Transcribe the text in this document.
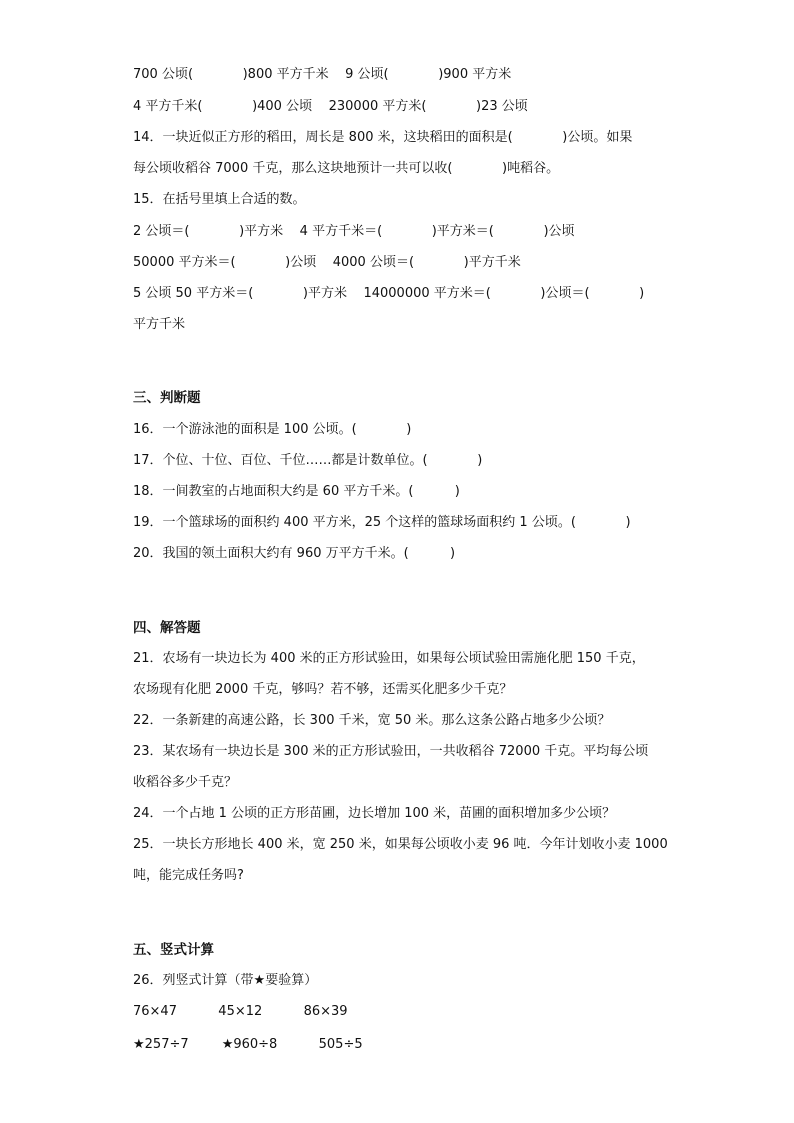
700 公顷(            )800 平方千米    9 公顷(            )900 平方米
4 平方千米(            )400 公顷    230000 平方米(            )23 公顷
14．一块近似正方形的稻田，周长是 800 米，这块稻田的面积是(            )公顷。如果
每公顷收稻谷 7000 千克，那么这块地预计一共可以收(            )吨稻谷。
15．在括号里填上合适的数。
2 公顷＝(            )平方米    4 平方千米＝(            )平方米＝(            )公顷
50000 平方米＝(            )公顷    4000 公顷＝(            )平方千米
5 公顷 50 平方米＝(            )平方米    14000000 平方米＝(            )公顷＝(            )
平方千米
三、判断题
16．一个游泳池的面积是 100 公顷。(            )
17．个位、十位、百位、千位……都是计数单位。(            )
18．一间教室的占地面积大约是 60 平方千米。(          )
19．一个篮球场的面积约 400 平方米，25 个这样的篮球场面积约 1 公顷。(            )
20．我国的领土面积大约有 960 万平方千米。(          )
四、解答题
21．农场有一块边长为 400 米的正方形试验田，如果每公顷试验田需施化肥 150 千克，
农场现有化肥 2000 千克，够吗？若不够，还需买化肥多少千克？
22．一条新建的高速公路，长 300 千米，宽 50 米。那么这条公路占地多少公顷？
23．某农场有一块边长是 300 米的正方形试验田，一共收稻谷 72000 千克。平均每公顷
收稻谷多少千克？
24．一个占地 1 公顷的正方形苗圃，边长增加 100 米，苗圃的面积增加多少公顷？
25．一块长方形地长 400 米，宽 250 米，如果每公顷收小麦 96 吨．今年计划收小麦 1000
吨，能完成任务吗?
五、竖式计算
26．列竖式计算（带★要验算）
76×47          45×12          86×39
★257÷7        ★960÷8          505÷5
